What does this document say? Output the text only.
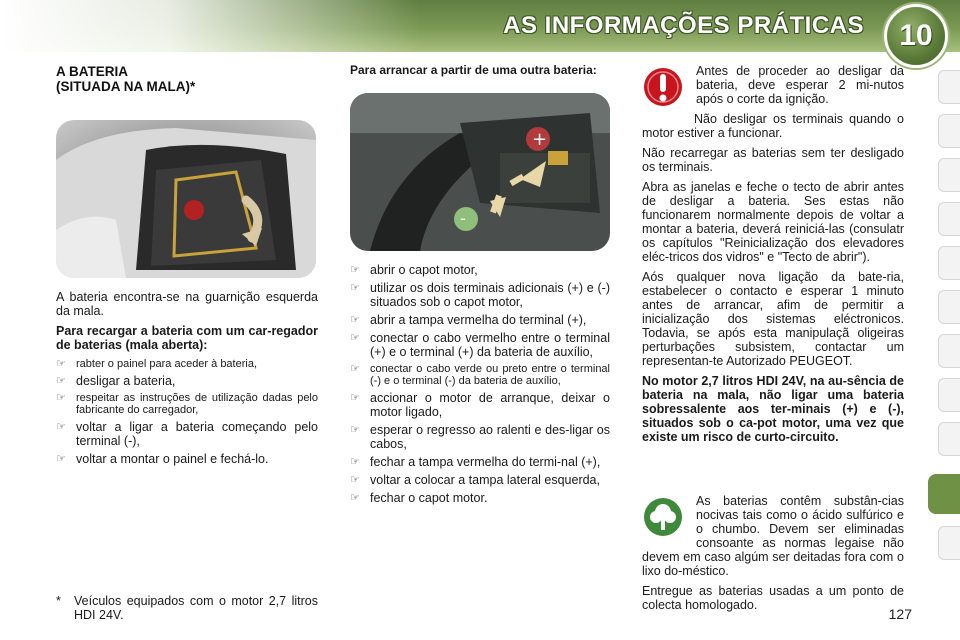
AS INFORMAÇÕES PRÁTICAS	10
A BATERIA
(SITUADA NA MALA)*

A bateria encontra-se na guarnição esquerda da mala.

Para recargar a bateria com um car-regador de baterias (mala aberta):

☞ rabter o painel para aceder à bateria,
☞ desligar a bateria,
☞ respeitar as instruções de utilização dadas pelo fabricante do carregador,
☞ voltar a ligar a bateria começando pelo terminal (-),
☞ voltar a montar o painel e fechá-lo.
*	Veículos equipados com o motor 2,7 litros HDI 24V.
Para arrancar a partir de uma outra bateria:
+
-
☞ abrir o capot motor,
☞ utilizar os dois terminais adicionais (+) e (-) situados sob o capot motor,
☞ abrir a tampa vermelha do terminal (+),
☞ conectar o cabo vermelho entre o terminal (+) e o terminal (+) da bateria de auxílio,
☞ conectar o cabo verde ou preto entre o terminal (-) e o terminal (-) da bateria de auxílio,
☞ accionar o motor de arranque, deixar o motor ligado,
☞ esperar o regresso ao ralenti e des-ligar os cabos,
☞ fechar a tampa vermelha do termi-nal (+),
☞ voltar a colocar a tampa lateral esquerda,
☞ fechar o capot motor.

Antes de proceder ao desligar da bateria, deve esperar 2 mi-nutos após o corte da ignição.

Não desligar os terminais quando o motor estiver a funcionar.

Não recarregar as baterias sem ter desligado os terminais.

Abra as janelas e feche o tecto de abrir antes de desligar a bateria. Ses estas não funcionarem normalmente depois de voltar a montar a bateria, deverá reiniciá-las (consulatr os capítulos "Reinicialização dos elevadores eléc-tricos dos vidros" e "Tecto de abrir").

Aós qualquer nova ligação da bate-ria, estabelecer o contacto e esperar 1 minuto antes de arrancar, afim de permitir a inicialização dos sistemas eléctronicos. Todavia, se após esta manipulaçã oligeiras perturbações subsistem, contactar um representan-te Autorizado PEUGEOT.

No motor 2,7 litros HDI 24V, na au-sência de bateria na mala, não ligar uma bateria sobressalente aos ter-minais (+) e (-), situados sob o ca-pot motor, uma vez que existe um risco de curto-circuito.

As baterias contêm substân-cias nocivas tais como o ácido sulfúrico e o chumbo. Devem ser eliminadas consoante as normas legaise não devem em caso algúm ser deitadas fora com o lixo do-méstico.

Entregue as baterias usadas a um ponto de colecta homologado.

127
